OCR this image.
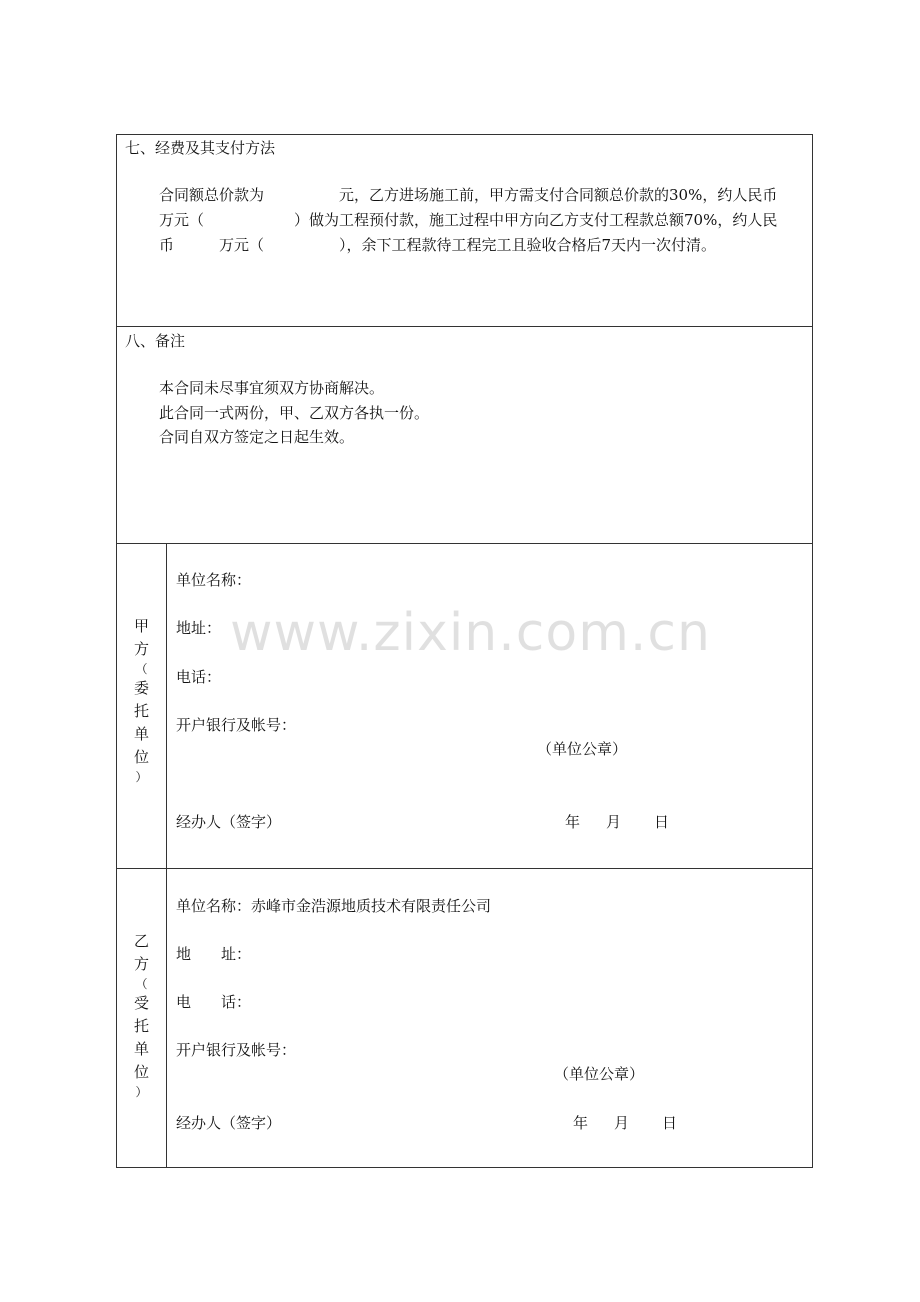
七、经费及其支付方法
合同额总价款为　　　　　元，乙方进场施工前，甲方需支付合同额总价款的30%，约人民币
万元（　　　　　　）做为工程预付款，施工过程中甲方向乙方支付工程款总额70%，约人民
币　　　万元（　　　　　），余下工程款待工程完工且验收合格后7天内一次付清。
八、备注
本合同未尽事宜须双方协商解决。
此合同一式两份，甲、乙双方各执一份。
合同自双方签定之日起生效。
甲
方
（
委
托
单
位
）
单位名称：
地址：
电话：
开户银行及帐号：
（单位公章）
经办人（签字）	年 月 日
乙
方
（
受
托
单
位
）
单位名称：赤峰市金浩源地质技术有限责任公司
地　　址：
电　　话：
开户银行及帐号：
（单位公章）
经办人（签字）	年 月 日
www.zixin.com.cn
